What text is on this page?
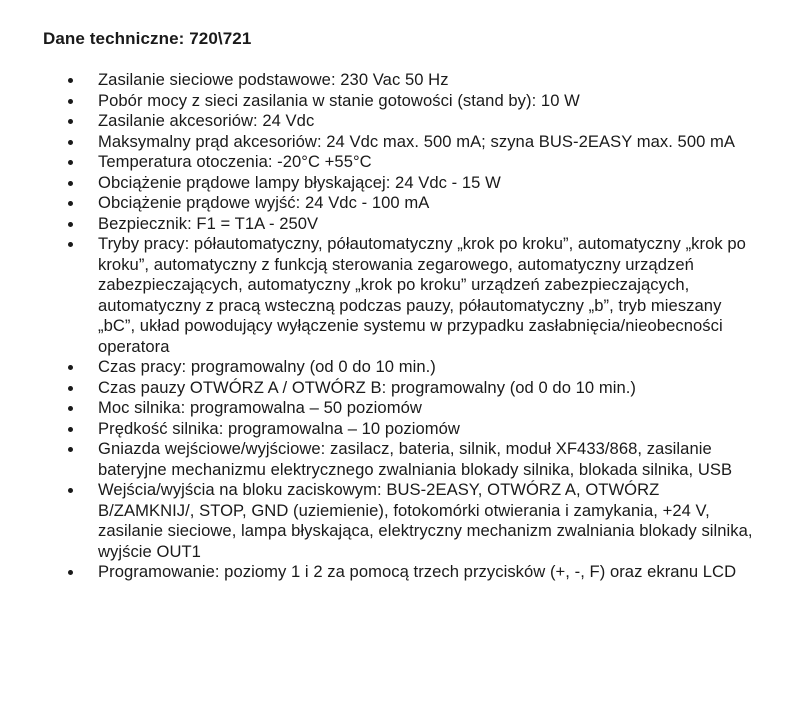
Dane techniczne: 720\721
Zasilanie sieciowe podstawowe: 230 Vac 50 Hz
Pobór mocy z sieci zasilania w stanie gotowości (stand by): 10 W
Zasilanie akcesoriów: 24 Vdc
Maksymalny prąd akcesoriów: 24 Vdc max. 500 mA; szyna BUS-2EASY max. 500 mA
Temperatura otoczenia: -20°C +55°C
Obciążenie prądowe lampy błyskającej: 24 Vdc - 15 W
Obciążenie prądowe wyjść: 24 Vdc - 100 mA
Bezpiecznik: F1 = T1A - 250V
Tryby pracy: półautomatyczny, półautomatyczny „krok po kroku”, automatyczny „krok po kroku”, automatyczny z funkcją sterowania zegarowego, automatyczny urządzeń zabezpieczających, automatyczny „krok po kroku” urządzeń zabezpieczających, automatyczny z pracą wsteczną podczas pauzy, półautomatyczny „b”, tryb mieszany „bC”, układ powodujący wyłączenie systemu w przypadku zasłabnięcia/nieobecności operatora
Czas pracy: programowalny (od 0 do 10 min.)
Czas pauzy OTWÓRZ A / OTWÓRZ B: programowalny (od 0 do 10 min.)
Moc silnika: programowalna – 50 poziomów
Prędkość silnika: programowalna – 10 poziomów
Gniazda wejściowe/wyjściowe: zasilacz, bateria, silnik, moduł XF433/868, zasilanie bateryjne mechanizmu elektrycznego zwalniania blokady silnika, blokada silnika, USB
Wejścia/wyjścia na bloku zaciskowym: BUS-2EASY, OTWÓRZ A, OTWÓRZ B/ZAMKNIJ/, STOP, GND (uziemienie), fotokomórki otwierania i zamykania, +24 V, zasilanie sieciowe, lampa błyskająca, elektryczny mechanizm zwalniania blokady silnika, wyjście OUT1
Programowanie: poziomy 1 i 2 za pomocą trzech przycisków (+, -, F) oraz ekranu LCD
